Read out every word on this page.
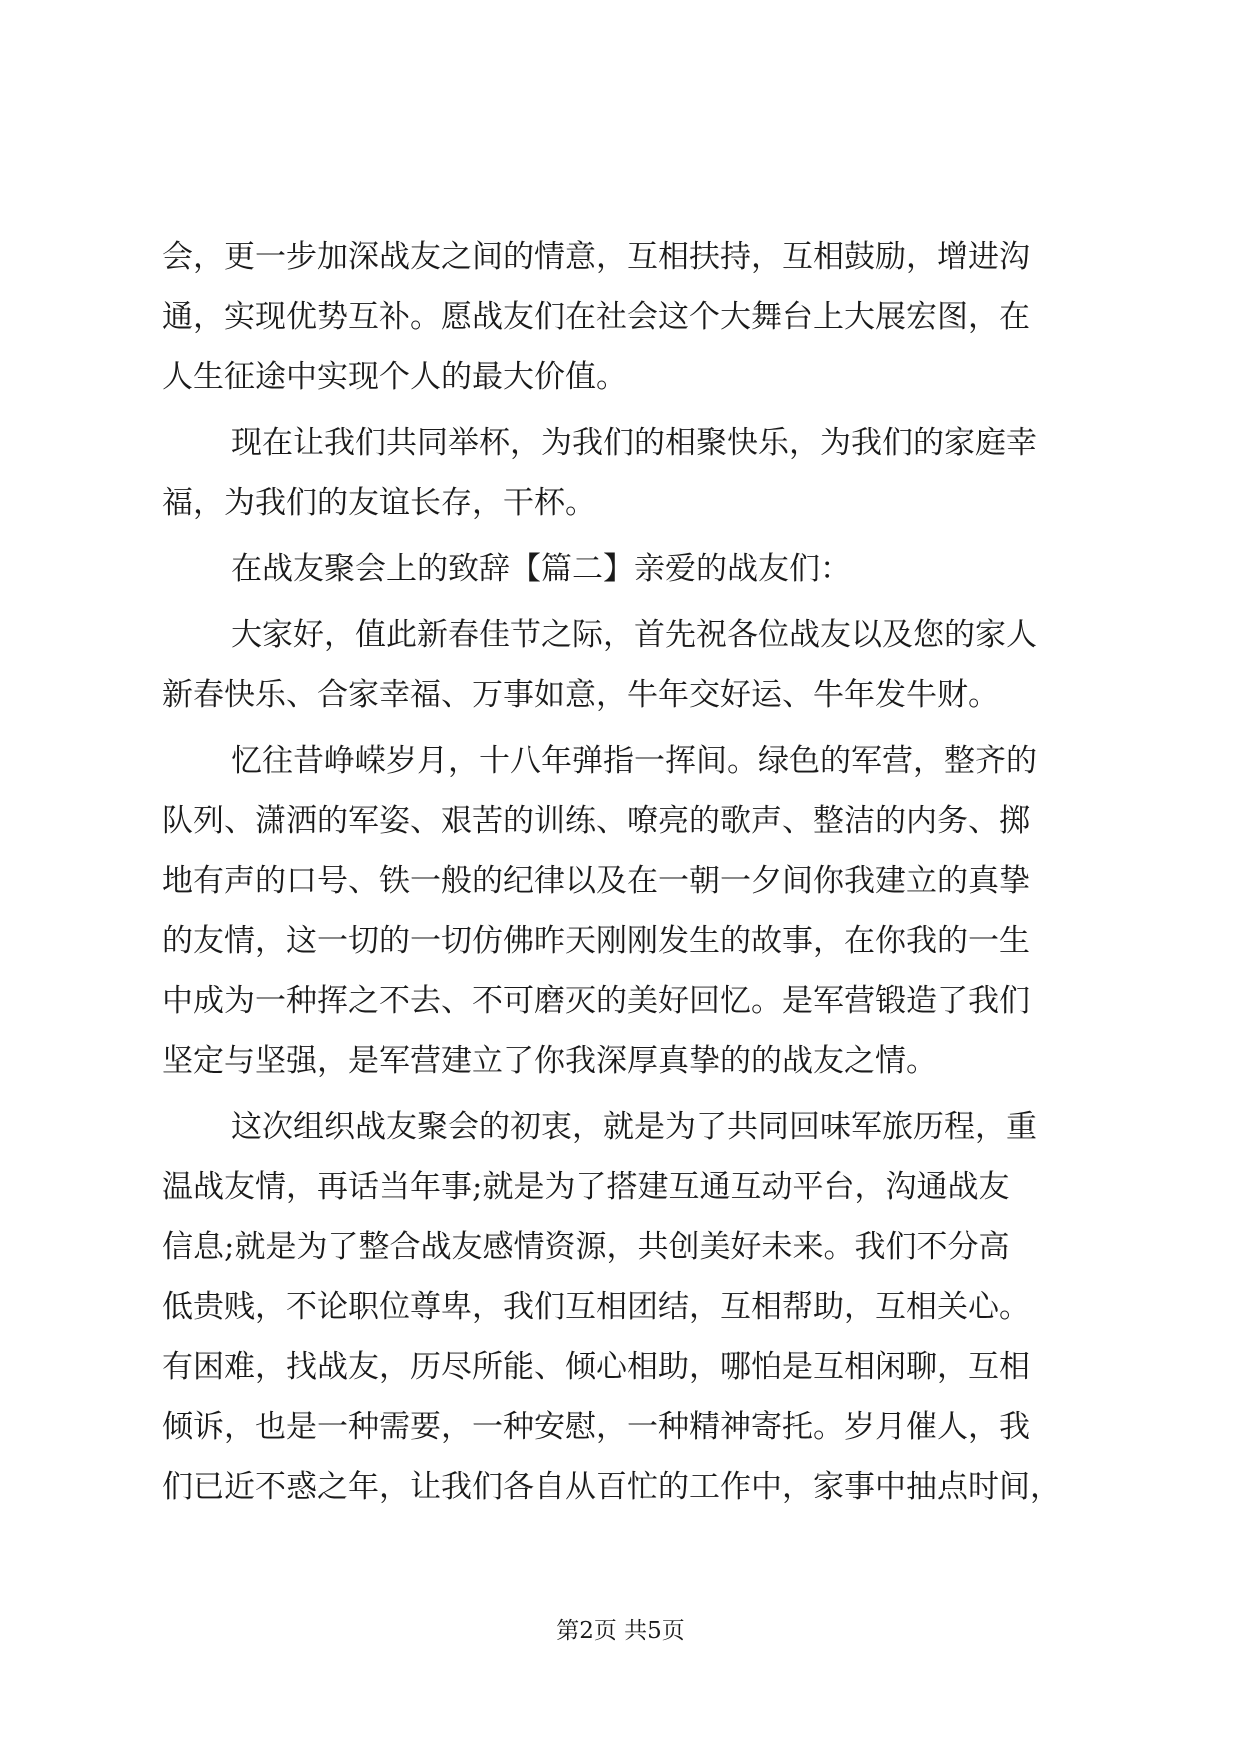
会，更一步加深战友之间的情意，互相扶持，互相鼓励，增进沟
通，实现优势互补。愿战友们在社会这个大舞台上大展宏图，在
人生征途中实现个人的最大价值。
现在让我们共同举杯，为我们的相聚快乐，为我们的家庭幸
福，为我们的友谊长存，干杯。
在战友聚会上的致辞【篇二】亲爱的战友们：
大家好，值此新春佳节之际，首先祝各位战友以及您的家人
新春快乐、合家幸福、万事如意，牛年交好运、牛年发牛财。
忆往昔峥嵘岁月，十八年弹指一挥间。绿色的军营，整齐的
队列、潇洒的军姿、艰苦的训练、嘹亮的歌声、整洁的内务、掷
地有声的口号、铁一般的纪律以及在一朝一夕间你我建立的真挚
的友情，这一切的一切仿佛昨天刚刚发生的故事，在你我的一生
中成为一种挥之不去、不可磨灭的美好回忆。是军营锻造了我们
坚定与坚强，是军营建立了你我深厚真挚的的战友之情。
这次组织战友聚会的初衷，就是为了共同回味军旅历程，重
温战友情，再话当年事;就是为了搭建互通互动平台，沟通战友
信息;就是为了整合战友感情资源，共创美好未来。我们不分高
低贵贱，不论职位尊卑，我们互相团结，互相帮助，互相关心。
有困难，找战友，历尽所能、倾心相助，哪怕是互相闲聊，互相
倾诉，也是一种需要，一种安慰，一种精神寄托。岁月催人，我
们已近不惑之年，让我们各自从百忙的工作中，家事中抽点时间，
第2页 共5页
